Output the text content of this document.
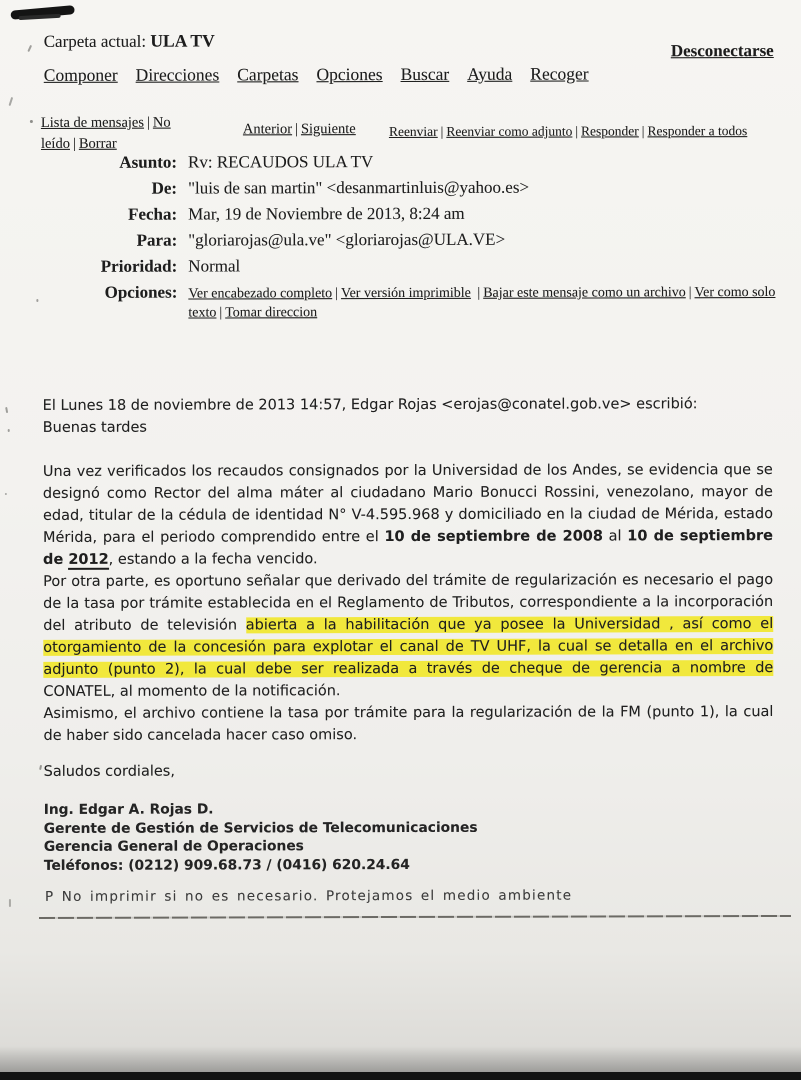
Carpeta actual: ULA TV
Desconectarse
Componer Direcciones Carpetas Opciones Buscar Ayuda Recoger
Lista de mensajes | No leído | Borrar
Anterior | Siguiente Reenviar | Reenviar como adjunto | Responder | Responder a todos
Asunto: Rv: RECAUDOS ULA TV
De: "luis de san martin" <desanmartinluis@yahoo.es>
Fecha: Mar, 19 de Noviembre de 2013, 8:24 am
Para: "gloriarojas@ula.ve" <gloriarojas@ULA.VE>
Prioridad: Normal
Opciones: Ver encabezado completo | Ver versión imprimible | Bajar este mensaje como un archivo | Ver como solo texto | Tomar direccion

El Lunes 18 de noviembre de 2013 14:57, Edgar Rojas <erojas@conatel.gob.ve> escribió:

Buenas tardes

Una vez verificados los recaudos consignados por la Universidad de los Andes, se evidencia que se designó como Rector del alma máter al ciudadano Mario Bonucci Rossini, venezolano, mayor de edad, titular de la cédula de identidad N° V-4.595.968 y domiciliado en la ciudad de Mérida, estado Mérida, para el periodo comprendido entre el 10 de septiembre de 2008 al 10 de septiembre de 2012, estando a la fecha vencido.

Por otra parte, es oportuno señalar que derivado del trámite de regularización es necesario el pago de la tasa por trámite establecida en el Reglamento de Tributos, correspondiente a la incorporación del atributo de televisión abierta a la habilitación que ya posee la Universidad , así como el otorgamiento de la concesión para explotar el canal de TV UHF, la cual se detalla en el archivo adjunto (punto 2), la cual debe ser realizada a través de cheque de gerencia a nombre de CONATEL, al momento de la notificación.

Asimismo, el archivo contiene la tasa por trámite para la regularización de la FM (punto 1), la cual de haber sido cancelada hacer caso omiso.

Saludos cordiales,

Ing. Edgar A. Rojas D.
Gerente de Gestión de Servicios de Telecomunicaciones
Gerencia General de Operaciones
Teléfonos: (0212) 909.68.73 / (0416) 620.24.64
P No imprimir si no es necesario. Protejamos el medio ambiente
